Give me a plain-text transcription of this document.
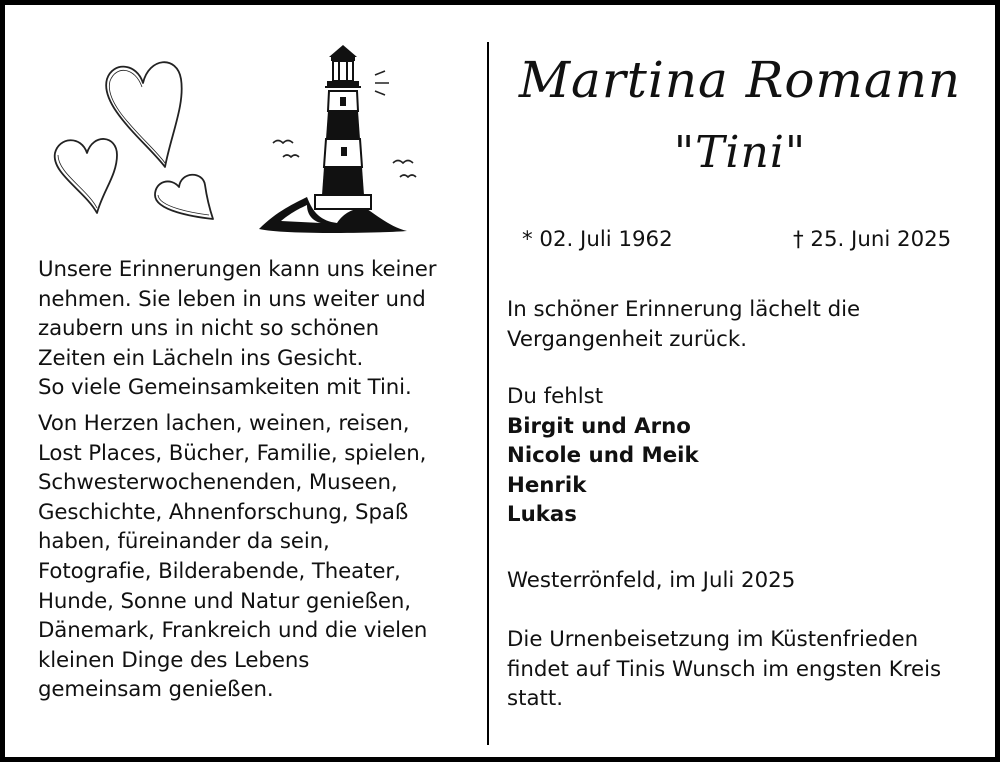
Unsere Erinnerungen kann uns keiner
nehmen. Sie leben in uns weiter und
zaubern uns in nicht so schönen
Zeiten ein Lächeln ins Gesicht.
So viele Gemeinsamkeiten mit Tini.
Von Herzen lachen, weinen, reisen,
Lost Places, Bücher, Familie, spielen,
Schwesterwochenenden, Museen,
Geschichte, Ahnenforschung, Spaß
haben, füreinander da sein,
Fotografie, Bilderabende, Theater,
Hunde, Sonne und Natur genießen,
Dänemark, Frankreich und die vielen
kleinen Dinge des Lebens
gemeinsam genießen.
Martina Romann
"Tini"
* 02. Juli 1962	† 25. Juni 2025
In schöner Erinnerung lächelt die
Vergangenheit zurück.
Du fehlst
Birgit und Arno
Nicole und Meik
Henrik
Lukas
Westerrönfeld, im Juli 2025
Die Urnenbeisetzung im Küstenfrieden
findet auf Tinis Wunsch im engsten Kreis
statt.
